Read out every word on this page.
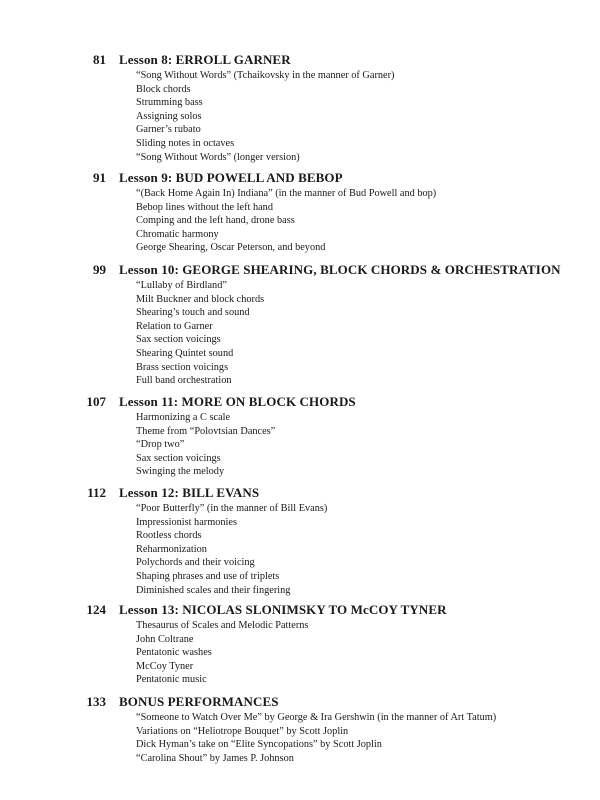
81 Lesson 8: ERROLL GARNER
“Song Without Words” (Tchaikovsky in the manner of Garner)
Block chords
Strumming bass
Assigning solos
Garner’s rubato
Sliding notes in octaves
“Song Without Words” (longer version)
91 Lesson 9: BUD POWELL AND BEBOP
“(Back Home Again In) Indiana” (in the manner of Bud Powell and bop)
Bebop lines without the left hand
Comping and the left hand, drone bass
Chromatic harmony
George Shearing, Oscar Peterson, and beyond
99 Lesson 10: GEORGE SHEARING, BLOCK CHORDS & ORCHESTRATION
“Lullaby of Birdland”
Milt Buckner and block chords
Shearing’s touch and sound
Relation to Garner
Sax section voicings
Shearing Quintet sound
Brass section voicings
Full band orchestration
107 Lesson 11: MORE ON BLOCK CHORDS
Harmonizing a C scale
Theme from “Polovtsian Dances”
“Drop two”
Sax section voicings
Swinging the melody
112 Lesson 12: BILL EVANS
“Poor Butterfly” (in the manner of Bill Evans)
Impressionist harmonies
Rootless chords
Reharmonization
Polychords and their voicing
Shaping phrases and use of triplets
Diminished scales and their fingering
124 Lesson 13: NICOLAS SLONIMSKY TO McCOY TYNER
Thesaurus of Scales and Melodic Patterns
John Coltrane
Pentatonic washes
McCoy Tyner
Pentatonic music
133 BONUS PERFORMANCES
“Someone to Watch Over Me” by George & Ira Gershwin (in the manner of Art Tatum)
Variations on “Heliotrope Bouquet” by Scott Joplin
Dick Hyman’s take on “Elite Syncopations” by Scott Joplin
“Carolina Shout” by James P. Johnson
